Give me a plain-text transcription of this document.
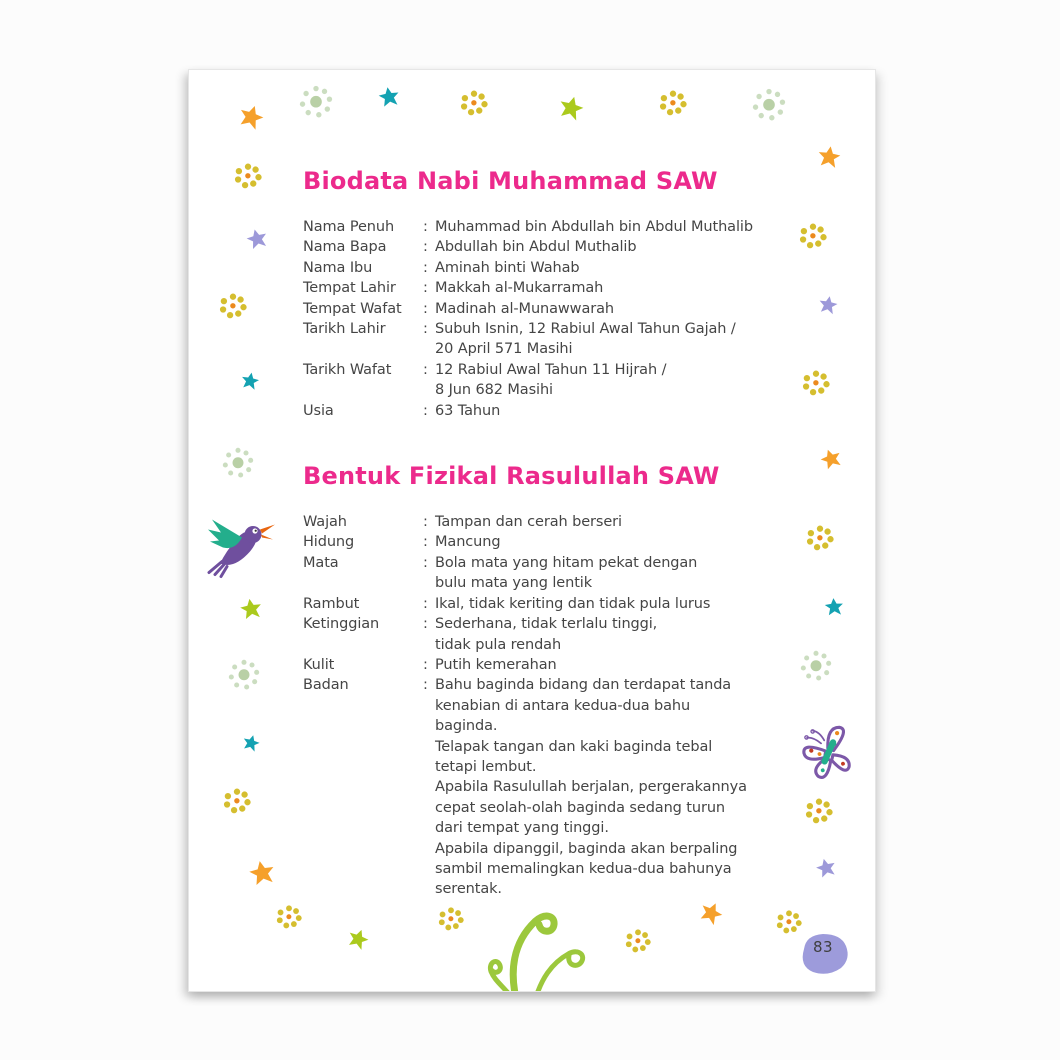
Biodata Nabi Muhammad SAW
Nama Penuh	: Muhammad bin Abdullah bin Abdul Muthalib
Nama Bapa	: Abdullah bin Abdul Muthalib
Nama Ibu	: Aminah binti Wahab
Tempat Lahir	: Makkah al-Mukarramah
Tempat Wafat	: Madinah al-Munawwarah
Tarikh Lahir	: Subuh Isnin, 12 Rabiul Awal Tahun Gajah /
20 April 571 Masihi
Tarikh Wafat	: 12 Rabiul Awal Tahun 11 Hijrah /
8 Jun 682 Masihi
Usia	: 63 Tahun
Bentuk Fizikal Rasulullah SAW
Wajah	: Tampan dan cerah berseri
Hidung	: Mancung
Mata	: Bola mata yang hitam pekat dengan
bulu mata yang lentik
Rambut	: Ikal, tidak keriting dan tidak pula lurus
Ketinggian	: Sederhana, tidak terlalu tinggi,
tidak pula rendah
Kulit	: Putih kemerahan
Badan	: Bahu baginda bidang dan terdapat tanda
kenabian di antara kedua-dua bahu
baginda.
Telapak tangan dan kaki baginda tebal
tetapi lembut.
Apabila Rasulullah berjalan, pergerakannya
cepat seolah-olah baginda sedang turun
dari tempat yang tinggi.
Apabila dipanggil, baginda akan berpaling
sambil memalingkan kedua-dua bahunya
serentak.
83
